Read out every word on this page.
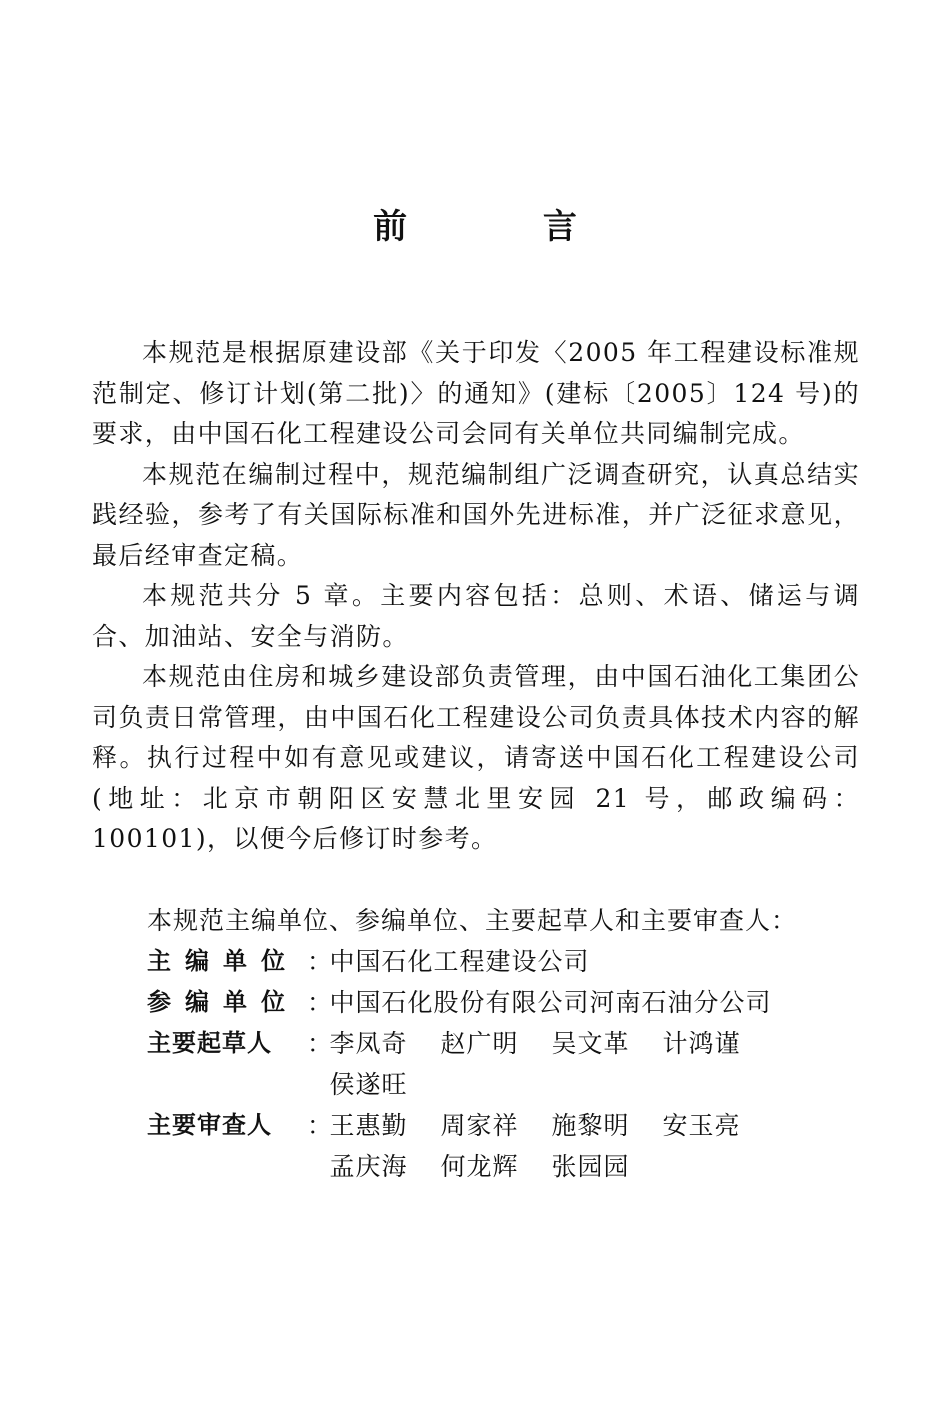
前 言

本规范是根据原建设部《关于印发〈2005 年工程建设标准规范制定、修订计划(第二批)〉的通知》(建标〔2005〕124 号)的要求，由中国石化工程建设公司会同有关单位共同编制完成。

本规范在编制过程中，规范编制组广泛调查研究，认真总结实践经验，参考了有关国际标准和国外先进标准，并广泛征求意见，最后经审查定稿。

本规范共分 5 章。主要内容包括：总则、术语、储运与调合、加油站、安全与消防。

本规范由住房和城乡建设部负责管理，由中国石油化工集团公司负责日常管理，由中国石化工程建设公司负责具体技术内容的解释。执行过程中如有意见或建议，请寄送中国石化工程建设公司(地址：北京市朝阳区安慧北里安园 21 号，邮政编码：100101)，以便今后修订时参考。

本规范主编单位、参编单位、主要起草人和主要审查人：
主编单位 ：
中国石化工程建设公司
参编单位 ：
中国石化股份有限公司河南石油分公司
主要起草人 ：
李凤奇	赵广明	吴文革	计鸿谨
侯遂旺
主要审查人 ：
王惠勤	周家祥	施黎明	安玉亮
孟庆海	何龙辉	张园园
